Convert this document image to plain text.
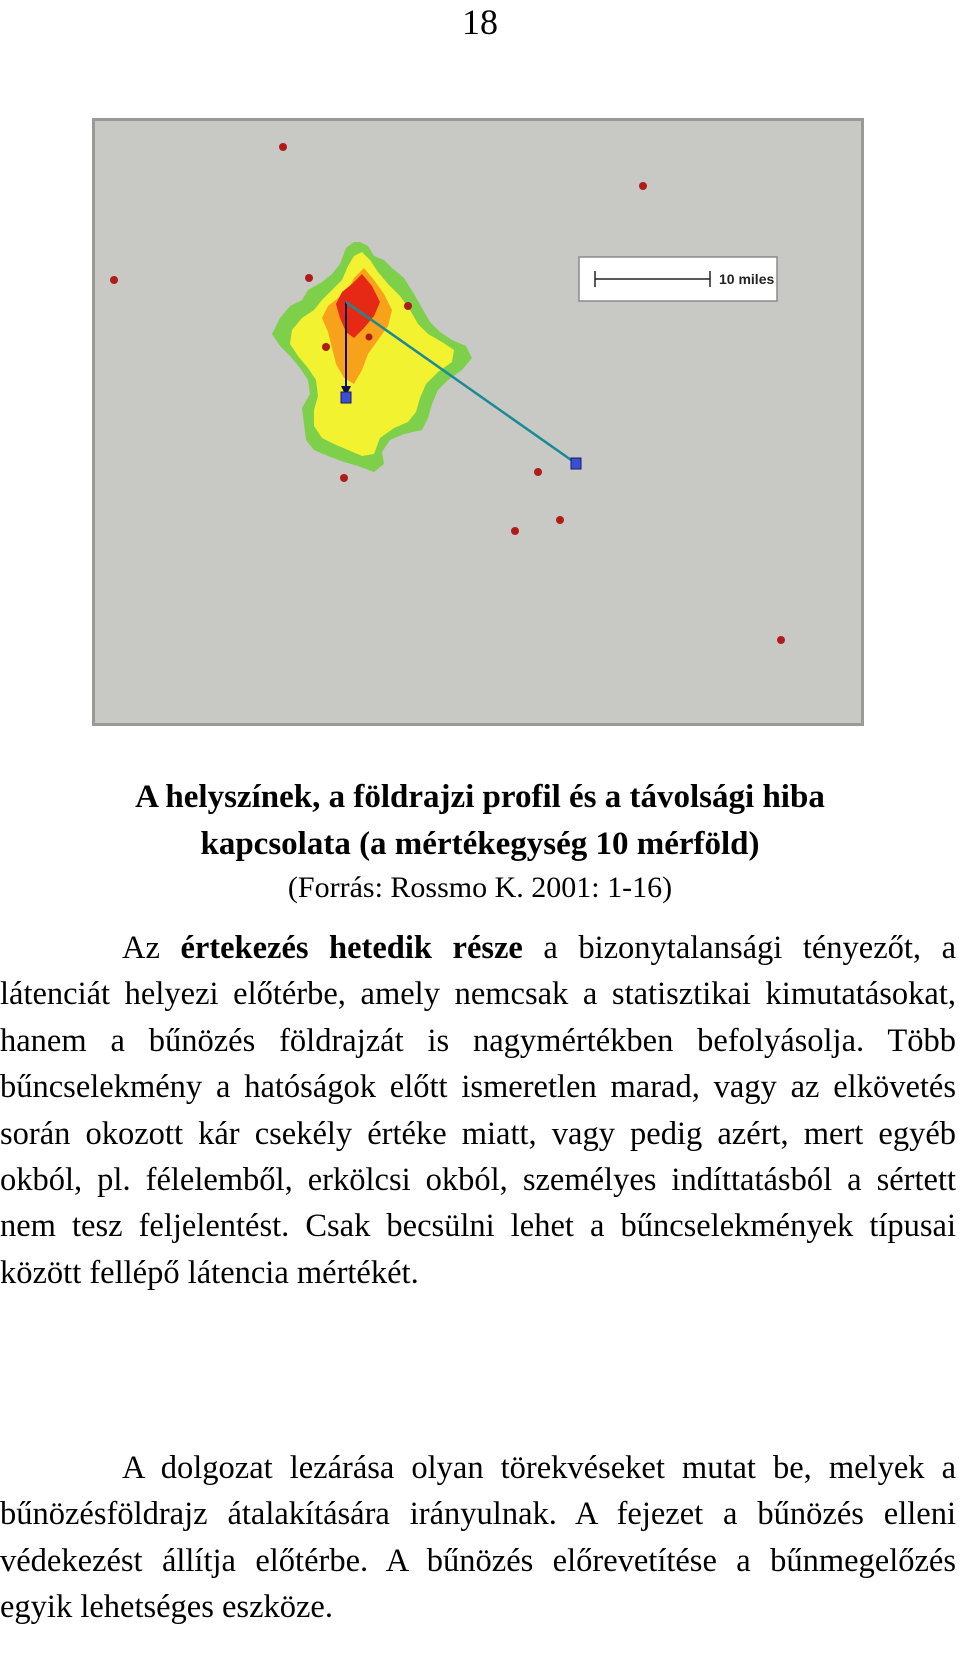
18
10 miles
A helyszínek, a földrajzi profil és a távolsági hiba
kapcsolata (a mértékegység 10 mérföld)
(Forrás: Rossmo K. 2001: 1-16)

Az értekezés hetedik része a bizonytalansági tényezőt, a látenciát helyezi előtérbe, amely nemcsak a statisztikai kimutatásokat, hanem a bűnözés földrajzát is nagymértékben befolyásolja. Több bűncselekmény a hatóságok előtt ismeretlen marad, vagy az elkövetés során okozott kár csekély értéke miatt, vagy pedig azért, mert egyéb okból, pl. félelemből, erkölcsi okból, személyes indíttatásból a sértett nem tesz feljelentést. Csak becsülni lehet a bűncselekmények típusai között fellépő látencia mértékét.

A dolgozat lezárása olyan törekvéseket mutat be, melyek a bűnözésföldrajz átalakítására irányulnak. A fejezet a bűnözés elleni védekezést állítja előtérbe. A bűnözés előrevetítése a bűnmegelőzés egyik lehetséges eszköze.
